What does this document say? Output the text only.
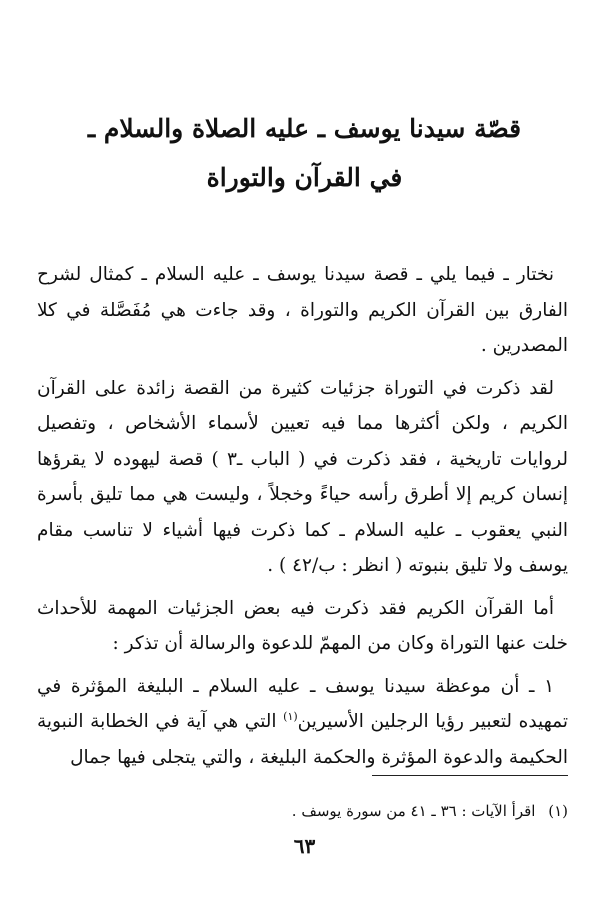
قصّة سيدنا يوسف ـ عليه الصلاة والسلام ـ
في القرآن والتوراة

نختار ـ فيما يلي ـ قصة سيدنا يوسف ـ عليه السلام ـ كمثال لشرح الفارق بين القرآن الكريم والتوراة ، وقد جاءت هي مُفَصَّلة في كلا المصدرين .

لقد ذكرت في التوراة جزئيات كثيرة من القصة زائدة على القرآن الكريم ، ولكن أكثرها مما فيه تعيين لأسماء الأشخاص ، وتفصيل لروايات تاريخية ، فقد ذكرت في ( الباب ـ٣ ) قصة ليهوده لا يقرؤها إنسان كريم إلا أطرق رأسه حياءً وخجلاً ، وليست هي مما تليق بأسرة النبي يعقوب ـ عليه السلام ـ كما ذكرت فيها أشياء لا تناسب مقام يوسف ولا تليق بنبوته ( انظر : ب/٤٢ ) .

أما القرآن الكريم فقد ذكرت فيه بعض الجزئيات المهمة للأحداث خلت عنها التوراة وكان من المهمّ للدعوة والرسالة أن تذكر :

١ ـ أن موعظة سيدنا يوسف ـ عليه السلام ـ البليغة المؤثرة في تمهيده لتعبير رؤيا الرجلين الأسيرين$^{(١)}$ التي هي آية في الخطابة النبوية الحكيمة والدعوة المؤثرة والحكمة البليغة ، والتي يتجلى فيها جمال

(١) اقرأ الآيات : ٣٦ ـ ٤١ من سورة يوسف .
٦٣
